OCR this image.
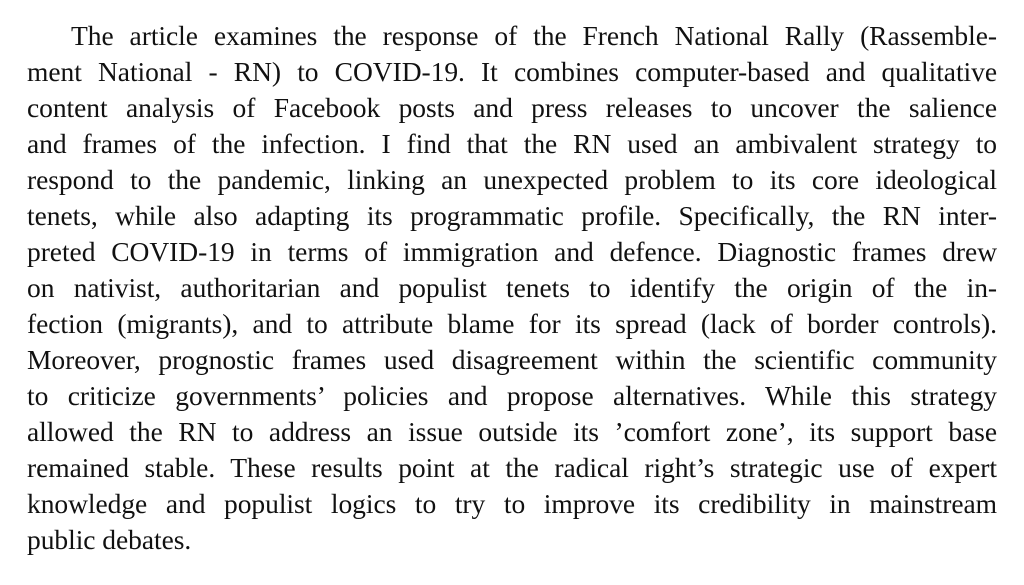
The article examines the response of the French National Rally (Rassemble-
ment National - RN) to COVID-19. It combines computer-based and qualitative
content analysis of Facebook posts and press releases to uncover the salience
and frames of the infection. I find that the RN used an ambivalent strategy to
respond to the pandemic, linking an unexpected problem to its core ideological
tenets, while also adapting its programmatic profile. Specifically, the RN inter-
preted COVID-19 in terms of immigration and defence. Diagnostic frames drew
on nativist, authoritarian and populist tenets to identify the origin of the in-
fection (migrants), and to attribute blame for its spread (lack of border controls).
Moreover, prognostic frames used disagreement within the scientific community
to criticize governments’ policies and propose alternatives. While this strategy
allowed the RN to address an issue outside its ’comfort zone’, its support base
remained stable. These results point at the radical right’s strategic use of expert
knowledge and populist logics to try to improve its credibility in mainstream
public debates.
